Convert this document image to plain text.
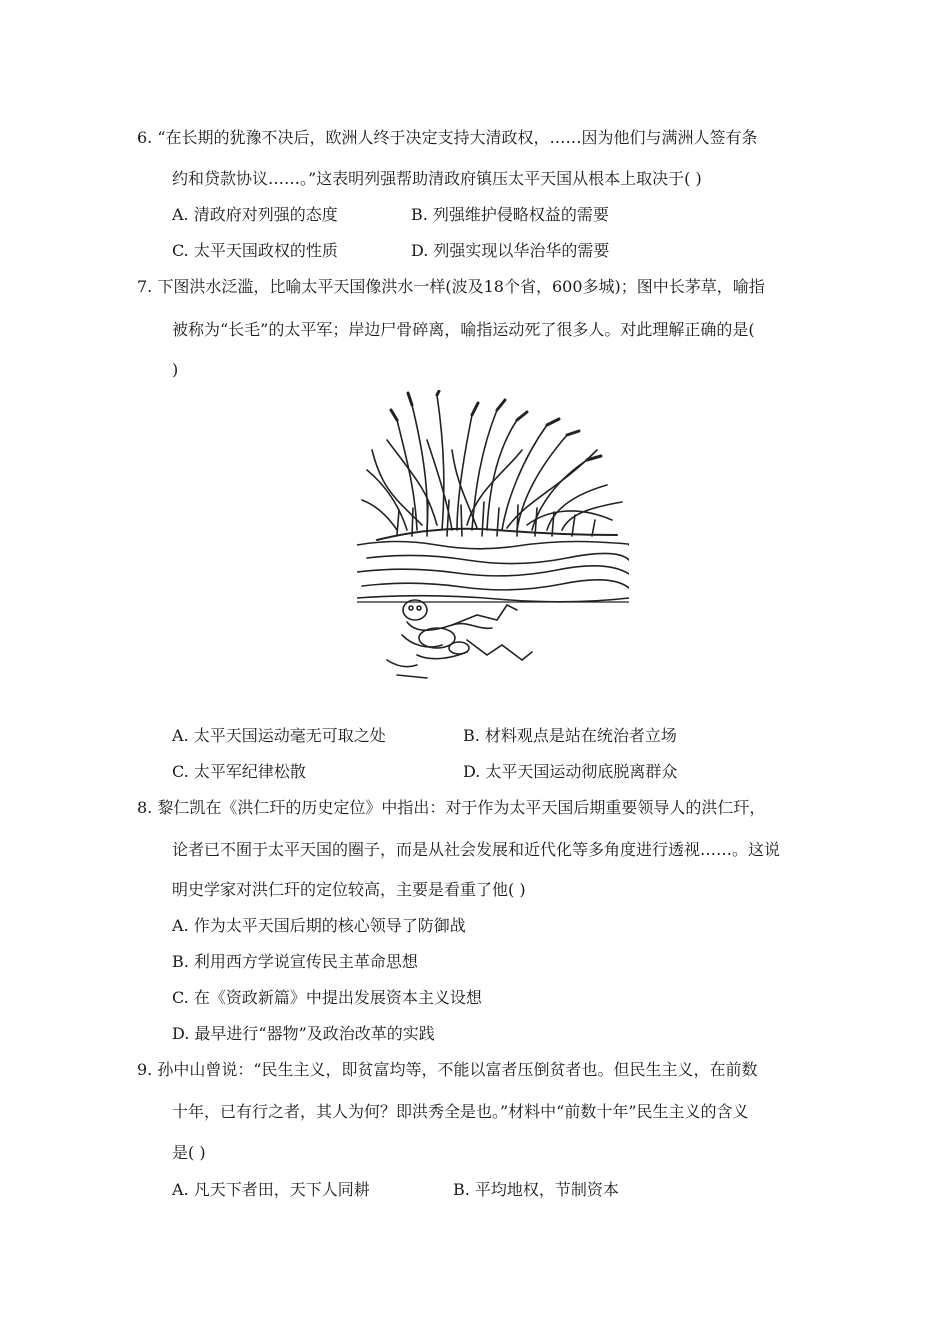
6. “在长期的犹豫不决后，欧洲人终于决定支持大清政权，……因为他们与满洲人签有条
约和贷款协议……。”这表明列强帮助清政府镇压太平天国从根本上取决于( )
A. 清政府对列强的态度	B. 列强维护侵略权益的需要
C. 太平天国政权的性质	D. 列强实现以华治华的需要
7. 下图洪水泛滥，比喻太平天国像洪水一样(波及18个省，600多城)；图中长茅草，喻指
被称为“长毛”的太平军；岸边尸骨碎离，喻指运动死了很多人。对此理解正确的是(
)
A. 太平天国运动毫无可取之处	B. 材料观点是站在统治者立场
C. 太平军纪律松散	D. 太平天国运动彻底脱离群众
8. 黎仁凯在《洪仁玕的历史定位》中指出：对于作为太平天国后期重要领导人的洪仁玕，
论者已不囿于太平天国的圈子，而是从社会发展和近代化等多角度进行透视……。这说
明史学家对洪仁玕的定位较高，主要是看重了他( )
A. 作为太平天国后期的核心领导了防御战
B. 利用西方学说宣传民主革命思想
C. 在《资政新篇》中提出发展资本主义设想
D. 最早进行“器物”及政治改革的实践
9. 孙中山曾说：“民生主义，即贫富均等，不能以富者压倒贫者也。但民生主义，在前数
十年，已有行之者，其人为何？即洪秀全是也。”材料中“前数十年”民生主义的含义
是( )
A. 凡天下者田，天下人同耕	B. 平均地权，节制资本
